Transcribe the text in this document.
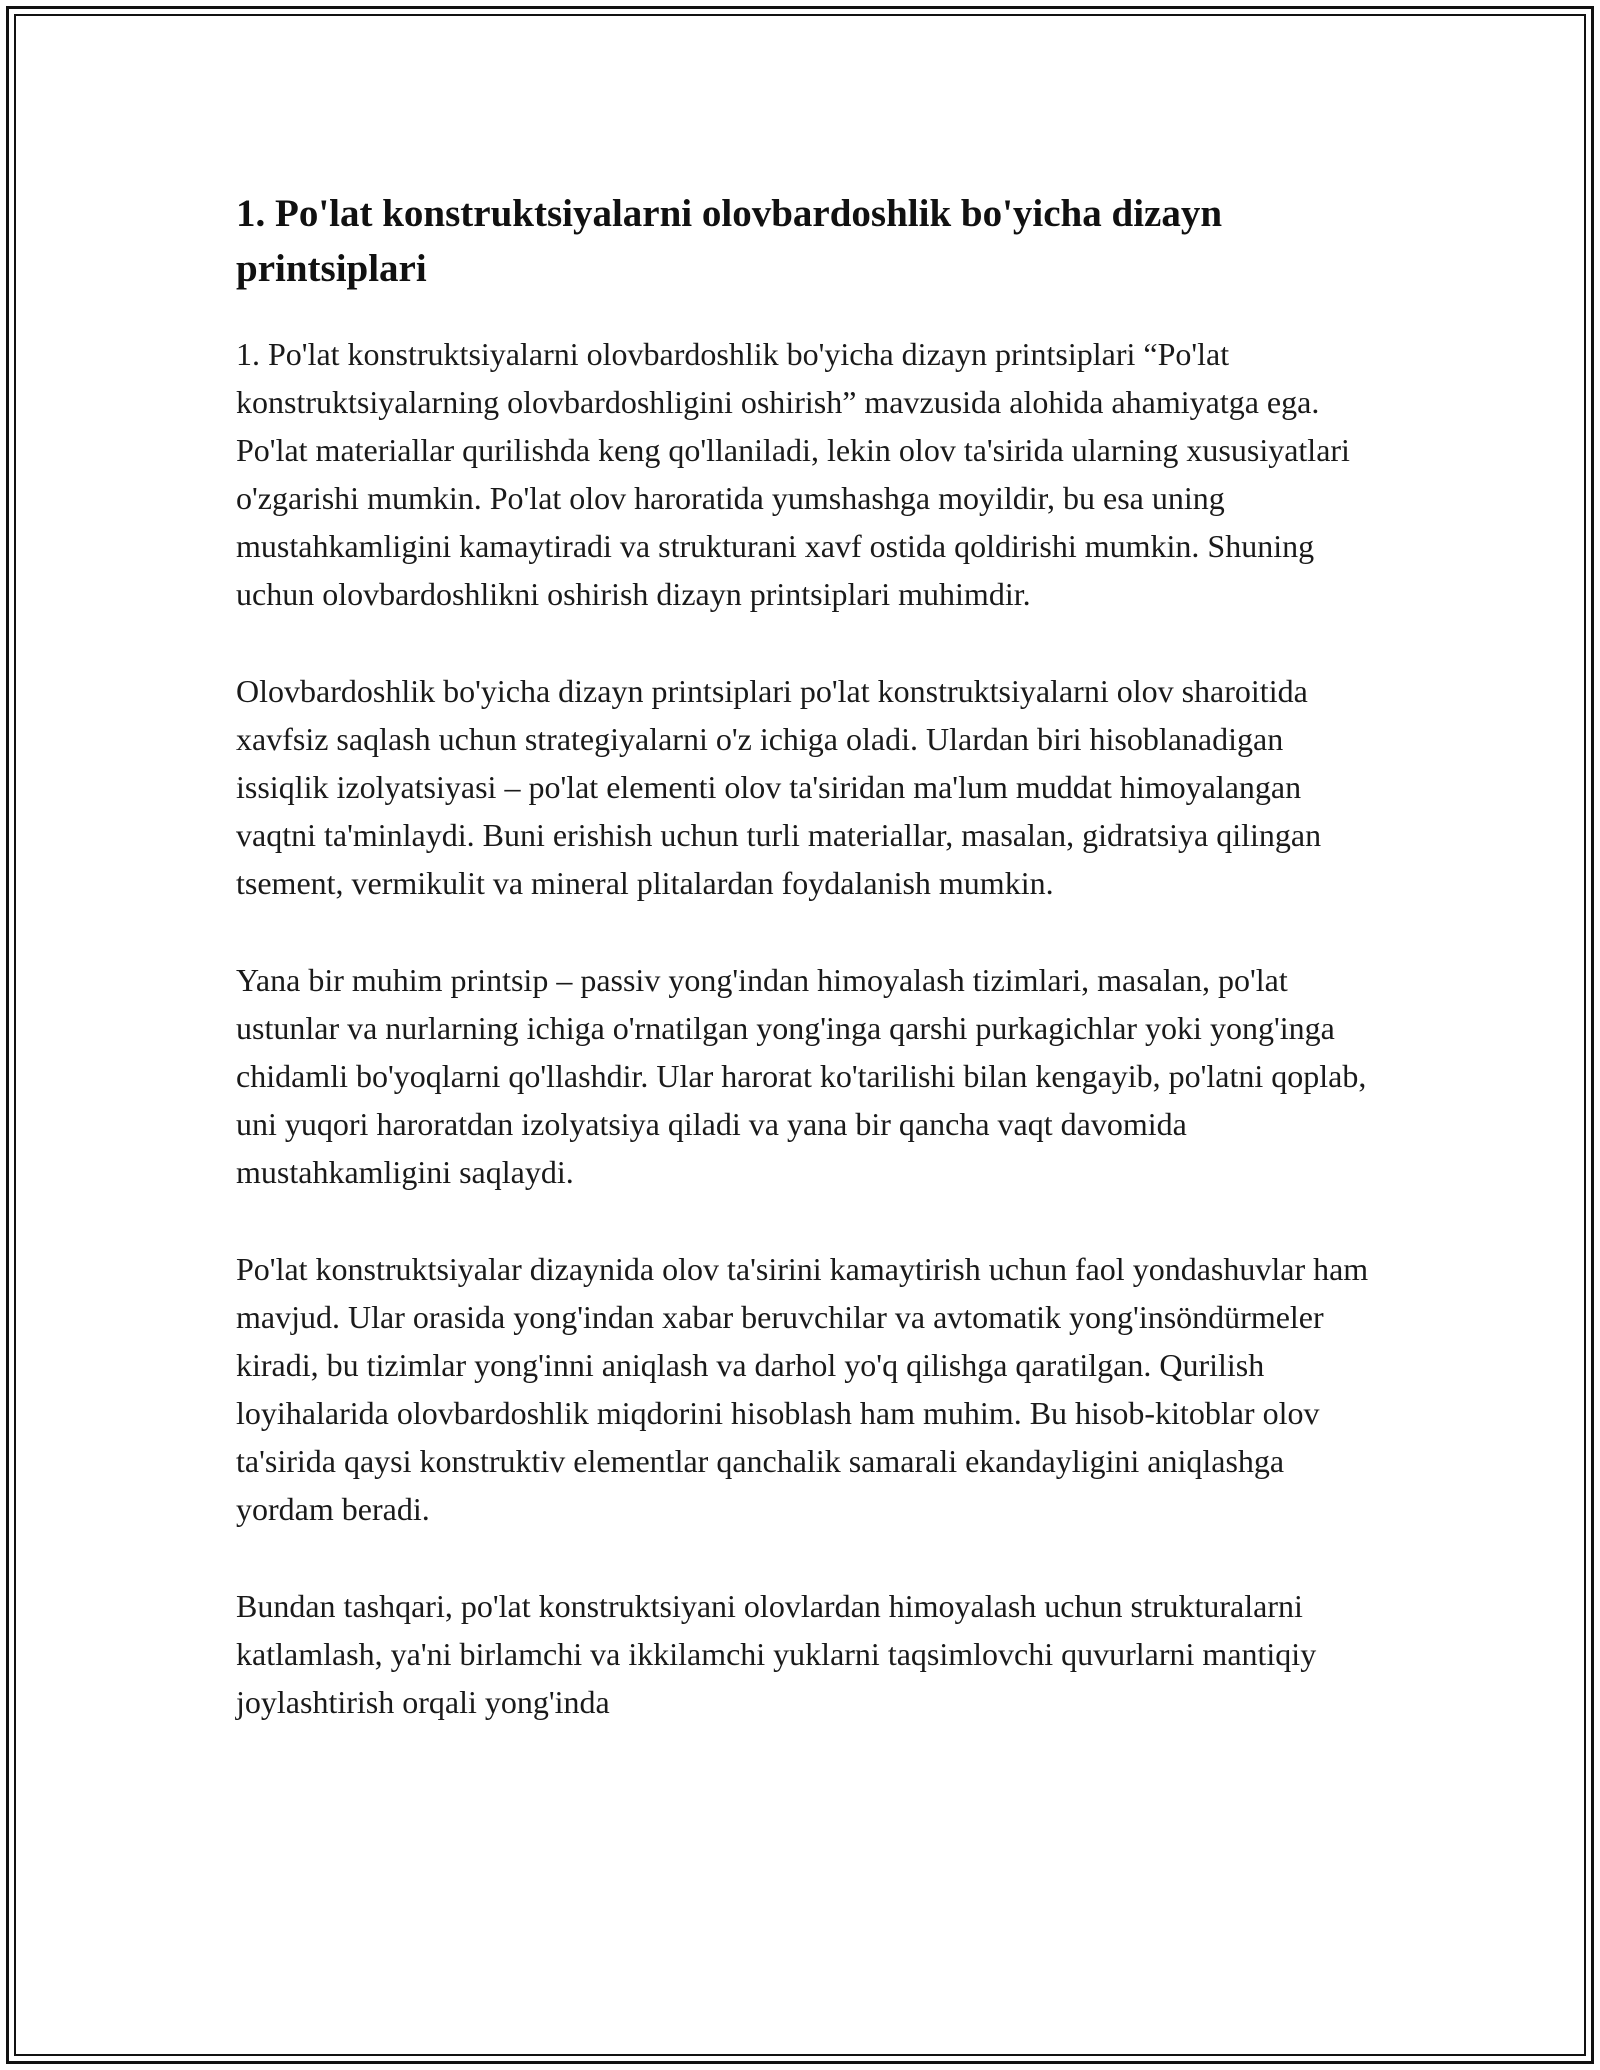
1. Po'lat konstruktsiyalarni olovbardoshlik bo'yicha dizayn printsiplari

1. Po'lat konstruktsiyalarni olovbardoshlik bo'yicha dizayn printsiplari “Po'lat konstruktsiyalarning olovbardoshligini oshirish” mavzusida alohida ahamiyatga ega. Po'lat materiallar qurilishda keng qo'llaniladi, lekin olov ta'sirida ularning xususiyatlari o'zgarishi mumkin. Po'lat olov haroratida yumshashga moyildir, bu esa uning mustahkamligini kamaytiradi va strukturani xavf ostida qoldirishi mumkin. Shuning uchun olovbardoshlikni oshirish dizayn printsiplari muhimdir.

Olovbardoshlik bo'yicha dizayn printsiplari po'lat konstruktsiyalarni olov sharoitida xavfsiz saqlash uchun strategiyalarni o'z ichiga oladi. Ulardan biri hisoblanadigan issiqlik izolyatsiyasi – po'lat elementi olov ta'siridan ma'lum muddat himoyalangan vaqtni ta'minlaydi. Buni erishish uchun turli materiallar, masalan, gidratsiya qilingan tsement, vermikulit va mineral plitalardan foydalanish mumkin.

Yana bir muhim printsip – passiv yong'indan himoyalash tizimlari, masalan, po'lat ustunlar va nurlarning ichiga o'rnatilgan yong'inga qarshi purkagichlar yoki yong'inga chidamli bo'yoqlarni qo'llashdir. Ular harorat ko'tarilishi bilan kengayib, po'latni qoplab, uni yuqori haroratdan izolyatsiya qiladi va yana bir qancha vaqt davomida mustahkamligini saqlaydi.

Po'lat konstruktsiyalar dizaynida olov ta'sirini kamaytirish uchun faol yondashuvlar ham mavjud. Ular orasida yong'indan xabar beruvchilar va avtomatik yong'insöndürmeler kiradi, bu tizimlar yong'inni aniqlash va darhol yo'q qilishga qaratilgan. Qurilish loyihalarida olovbardoshlik miqdorini hisoblash ham muhim. Bu hisob-kitoblar olov ta'sirida qaysi konstruktiv elementlar qanchalik samarali ekandayligini aniqlashga yordam beradi.

Bundan tashqari, po'lat konstruktsiyani olovlardan himoyalash uchun strukturalarni katlamlash, ya'ni birlamchi va ikkilamchi yuklarni taqsimlovchi quvurlarni mantiqiy joylashtirish orqali yong'inda
